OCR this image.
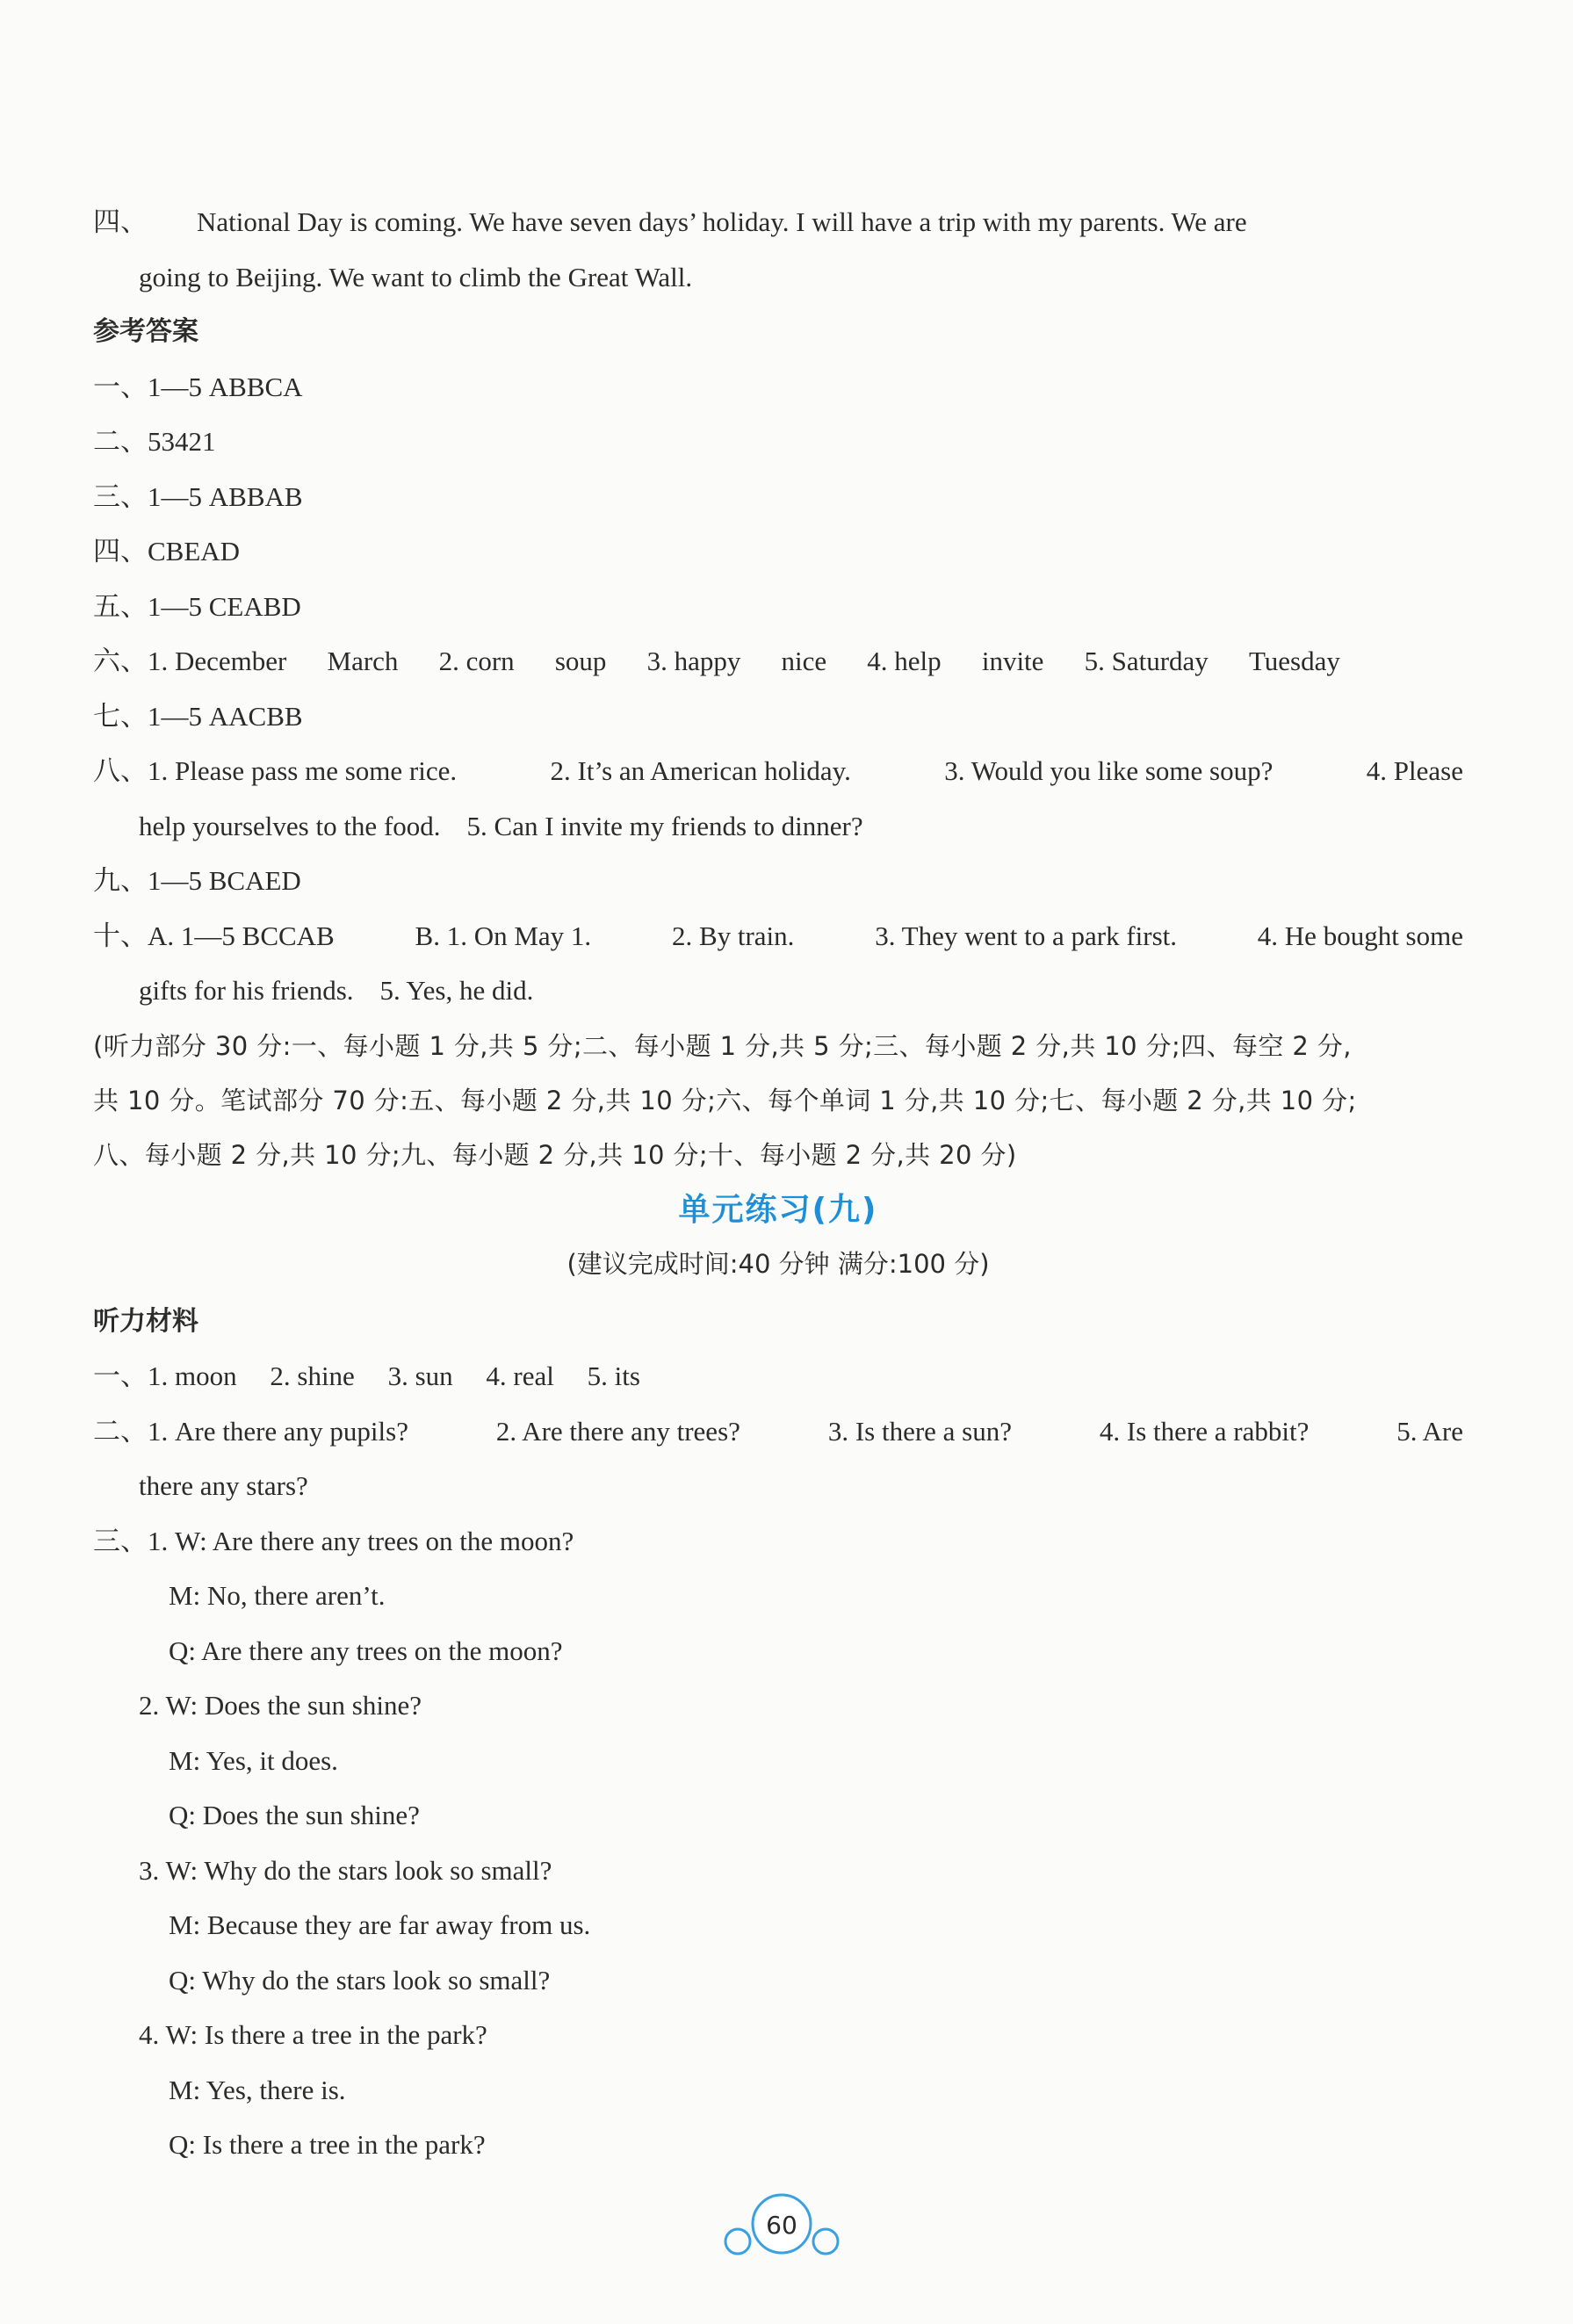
四、	National Day is coming. We have seven days’ holiday. I will have a trip with my parents. We are
going to Beijing. We want to climb the Great Wall.
参考答案
一、1—5 ABBCA
二、53421
三、1—5 ABBAB
四、CBEAD
五、1—5 CEABD
六、1. December March 2. corn soup 3. happy nice 4. help invite 5. Saturday Tuesday
七、1—5 AACBB
八、1. Please pass me some rice.	2. It’s an American holiday.	3. Would you like some soup?	4. Please
help yourselves to the food. 5. Can I invite my friends to dinner?
九、1—5 BCAED
十、A. 1—5 BCCAB	B. 1. On May 1.	2. By train.	3. They went to a park first.	4. He bought some
gifts for his friends. 5. Yes, he did.
(听力部分 30 分:一、每小题 1 分,共 5 分;二、每小题 1 分,共 5 分;三、每小题 2 分,共 10 分;四、每空 2 分,
共 10 分。笔试部分 70 分:五、每小题 2 分,共 10 分;六、每个单词 1 分,共 10 分;七、每小题 2 分,共 10 分;
八、每小题 2 分,共 10 分;九、每小题 2 分,共 10 分;十、每小题 2 分,共 20 分)
单元练习(九)
(建议完成时间:40 分钟 满分:100 分)
听力材料
一、1. moon 2. shine 3. sun 4. real 5. its
二、1. Are there any pupils?	2. Are there any trees?	3. Is there a sun?	4. Is there a rabbit?	5. Are
there any stars?
三、1. W: Are there any trees on the moon?
M: No, there aren’t.
Q: Are there any trees on the moon?
2. W: Does the sun shine?
M: Yes, it does.
Q: Does the sun shine?
3. W: Why do the stars look so small?
M: Because they are far away from us.
Q: Why do the stars look so small?
4. W: Is there a tree in the park?
M: Yes, there is.
Q: Is there a tree in the park?
60
